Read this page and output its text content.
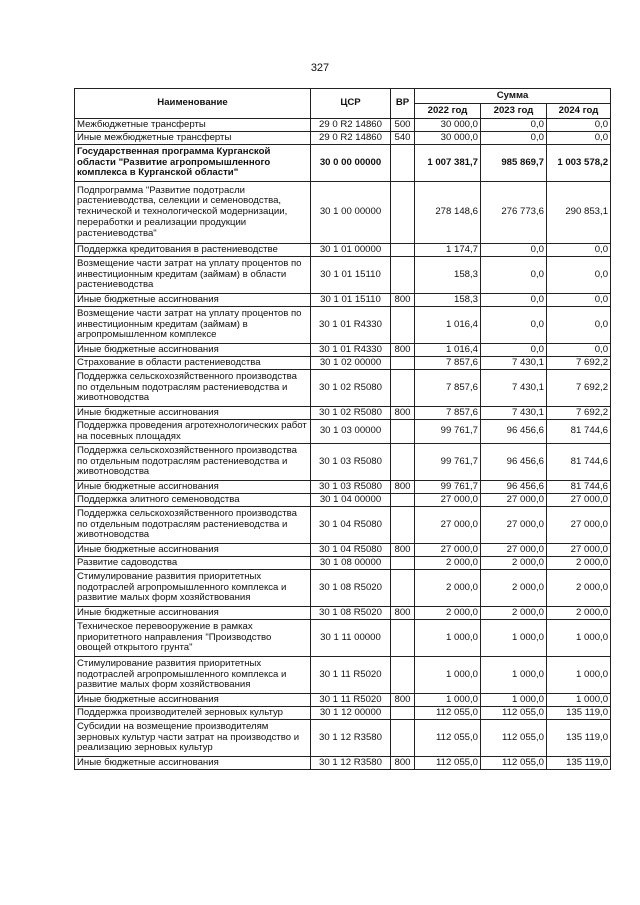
327
Наименование	ЦСР	ВР	Сумма		
			2022 год	2023 год	2024 год
Межбюджетные трансферты	29 0 R2 14860	500	30 000,0	0,0	0,0
Иные межбюджетные трансферты	29 0 R2 14860	540	30 000,0	0,0	0,0
Государственная программа Курганской области "Развитие агропромышленного комплекса в Курганской области"	30 0 00 00000		1 007 381,7	985 869,7	1 003 578,2
Подпрограмма "Развитие подотрасли растениеводства, селекции и семеноводства, технической и технологической модернизации, переработки и реализации продукции растениеводства"	30 1 00 00000		278 148,6	276 773,6	290 853,1
Поддержка кредитования в растениеводстве	30 1 01 00000		1 174,7	0,0	0,0
Возмещение части затрат на уплату процентов по инвестиционным кредитам (займам) в области растениеводства	30 1 01 15110		158,3	0,0	0,0
Иные бюджетные ассигнования	30 1 01 15110	800	158,3	0,0	0,0
Возмещение части затрат на уплату процентов по инвестиционным кредитам (займам) в агропромышленном комплексе	30 1 01 R4330		1 016,4	0,0	0,0
Иные бюджетные ассигнования	30 1 01 R4330	800	1 016,4	0,0	0,0
Страхование в области растениеводства	30 1 02 00000		7 857,6	7 430,1	7 692,2
Поддержка сельскохозяйственного производства по отдельным подотраслям растениеводства и животноводства	30 1 02 R5080		7 857,6	7 430,1	7 692,2
Иные бюджетные ассигнования	30 1 02 R5080	800	7 857,6	7 430,1	7 692,2
Поддержка проведения агротехнологических работ на посевных площадях	30 1 03 00000		99 761,7	96 456,6	81 744,6
Поддержка сельскохозяйственного производства по отдельным подотраслям растениеводства и животноводства	30 1 03 R5080		99 761,7	96 456,6	81 744,6
Иные бюджетные ассигнования	30 1 03 R5080	800	99 761,7	96 456,6	81 744,6
Поддержка элитного семеноводства	30 1 04 00000		27 000,0	27 000,0	27 000,0
Поддержка сельскохозяйственного производства по отдельным подотраслям растениеводства и животноводства	30 1 04 R5080		27 000,0	27 000,0	27 000,0
Иные бюджетные ассигнования	30 1 04 R5080	800	27 000,0	27 000,0	27 000,0
Развитие садоводства	30 1 08 00000		2 000,0	2 000,0	2 000,0
Стимулирование развития приоритетных подотраслей агропромышленного комплекса и развитие малых форм хозяйствования	30 1 08 R5020		2 000,0	2 000,0	2 000,0
Иные бюджетные ассигнования	30 1 08 R5020	800	2 000,0	2 000,0	2 000,0
Техническое перевооружение в рамках приоритетного направления "Производство овощей открытого грунта"	30 1 11 00000		1 000,0	1 000,0	1 000,0
Стимулирование развития приоритетных подотраслей агропромышленного комплекса и развитие малых форм хозяйствования	30 1 11 R5020		1 000,0	1 000,0	1 000,0
Иные бюджетные ассигнования	30 1 11 R5020	800	1 000,0	1 000,0	1 000,0
Поддержка производителей зерновых культур	30 1 12 00000		112 055,0	112 055,0	135 119,0
Субсидии на возмещение производителям зерновых культур части затрат на производство и реализацию зерновых культур	30 1 12 R3580		112 055,0	112 055,0	135 119,0
Иные бюджетные ассигнования	30 1 12 R3580	800	112 055,0	112 055,0	135 119,0
